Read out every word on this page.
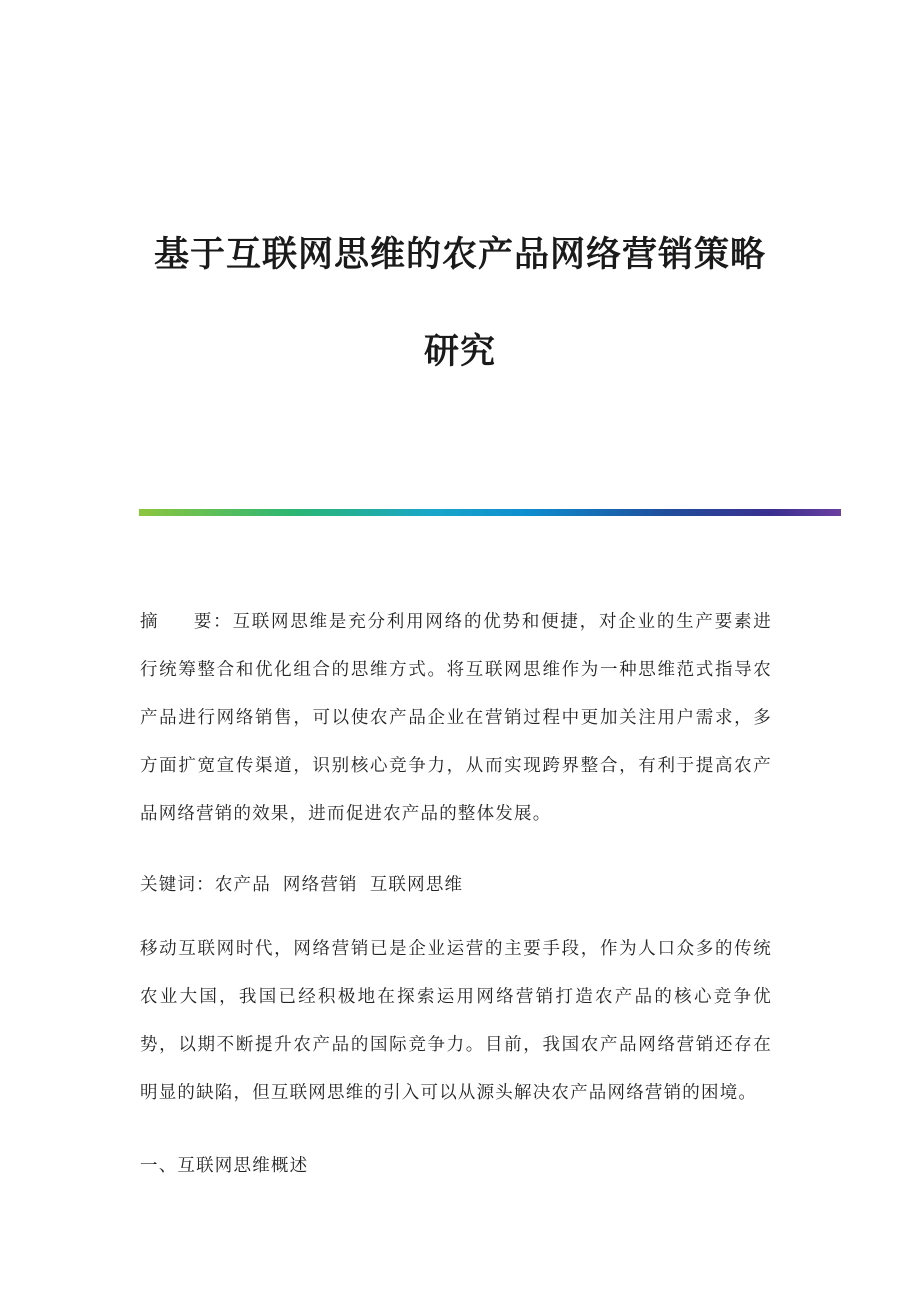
基于互联网思维的农产品网络营销策略
研究

摘 要：互联网思维是充分利用网络的优势和便捷，对企业的生产要素进行统筹整合和优化组合的思维方式。将互联网思维作为一种思维范式指导农产品进行网络销售，可以使农产品企业在营销过程中更加关注用户需求，多方面扩宽宣传渠道，识别核心竞争力，从而实现跨界整合，有利于提高农产品网络营销的效果，进而促进农产品的整体发展。

关键词：农产品 网络营销 互联网思维

移动互联网时代，网络营销已是企业运营的主要手段，作为人口众多的传统农业大国，我国已经积极地在探索运用网络营销打造农产品的核心竞争优势，以期不断提升农产品的国际竞争力。目前，我国农产品网络营销还存在明显的缺陷，但互联网思维的引入可以从源头解决农产品网络营销的困境。

一、互联网思维概述
